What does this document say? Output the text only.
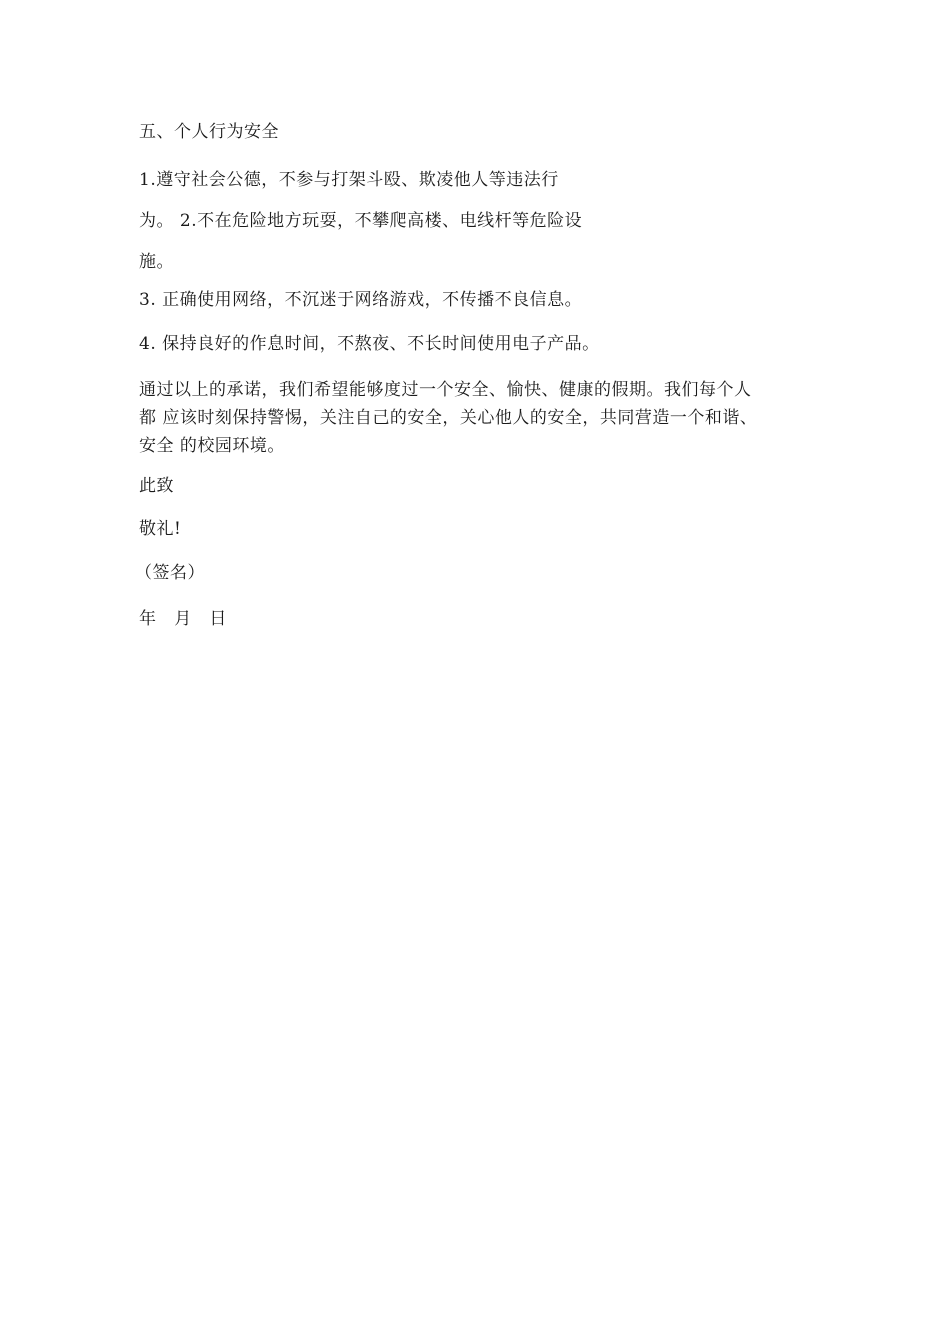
五、个人行为安全
1.遵守社会公德，不参与打架斗殴、欺凌他人等违法行
为。 2.不在危险地方玩耍，不攀爬高楼、电线杆等危险设
施。
3. 正确使用网络，不沉迷于网络游戏，不传播不良信息。
4. 保持良好的作息时间，不熬夜、不长时间使用电子产品。
通过以上的承诺，我们希望能够度过一个安全、愉快、健康的假期。我们每个人
都 应该时刻保持警惕，关注自己的安全，关心他人的安全，共同营造一个和谐、
安全 的校园环境。
此致
敬礼!
（签名）
年   月   日
